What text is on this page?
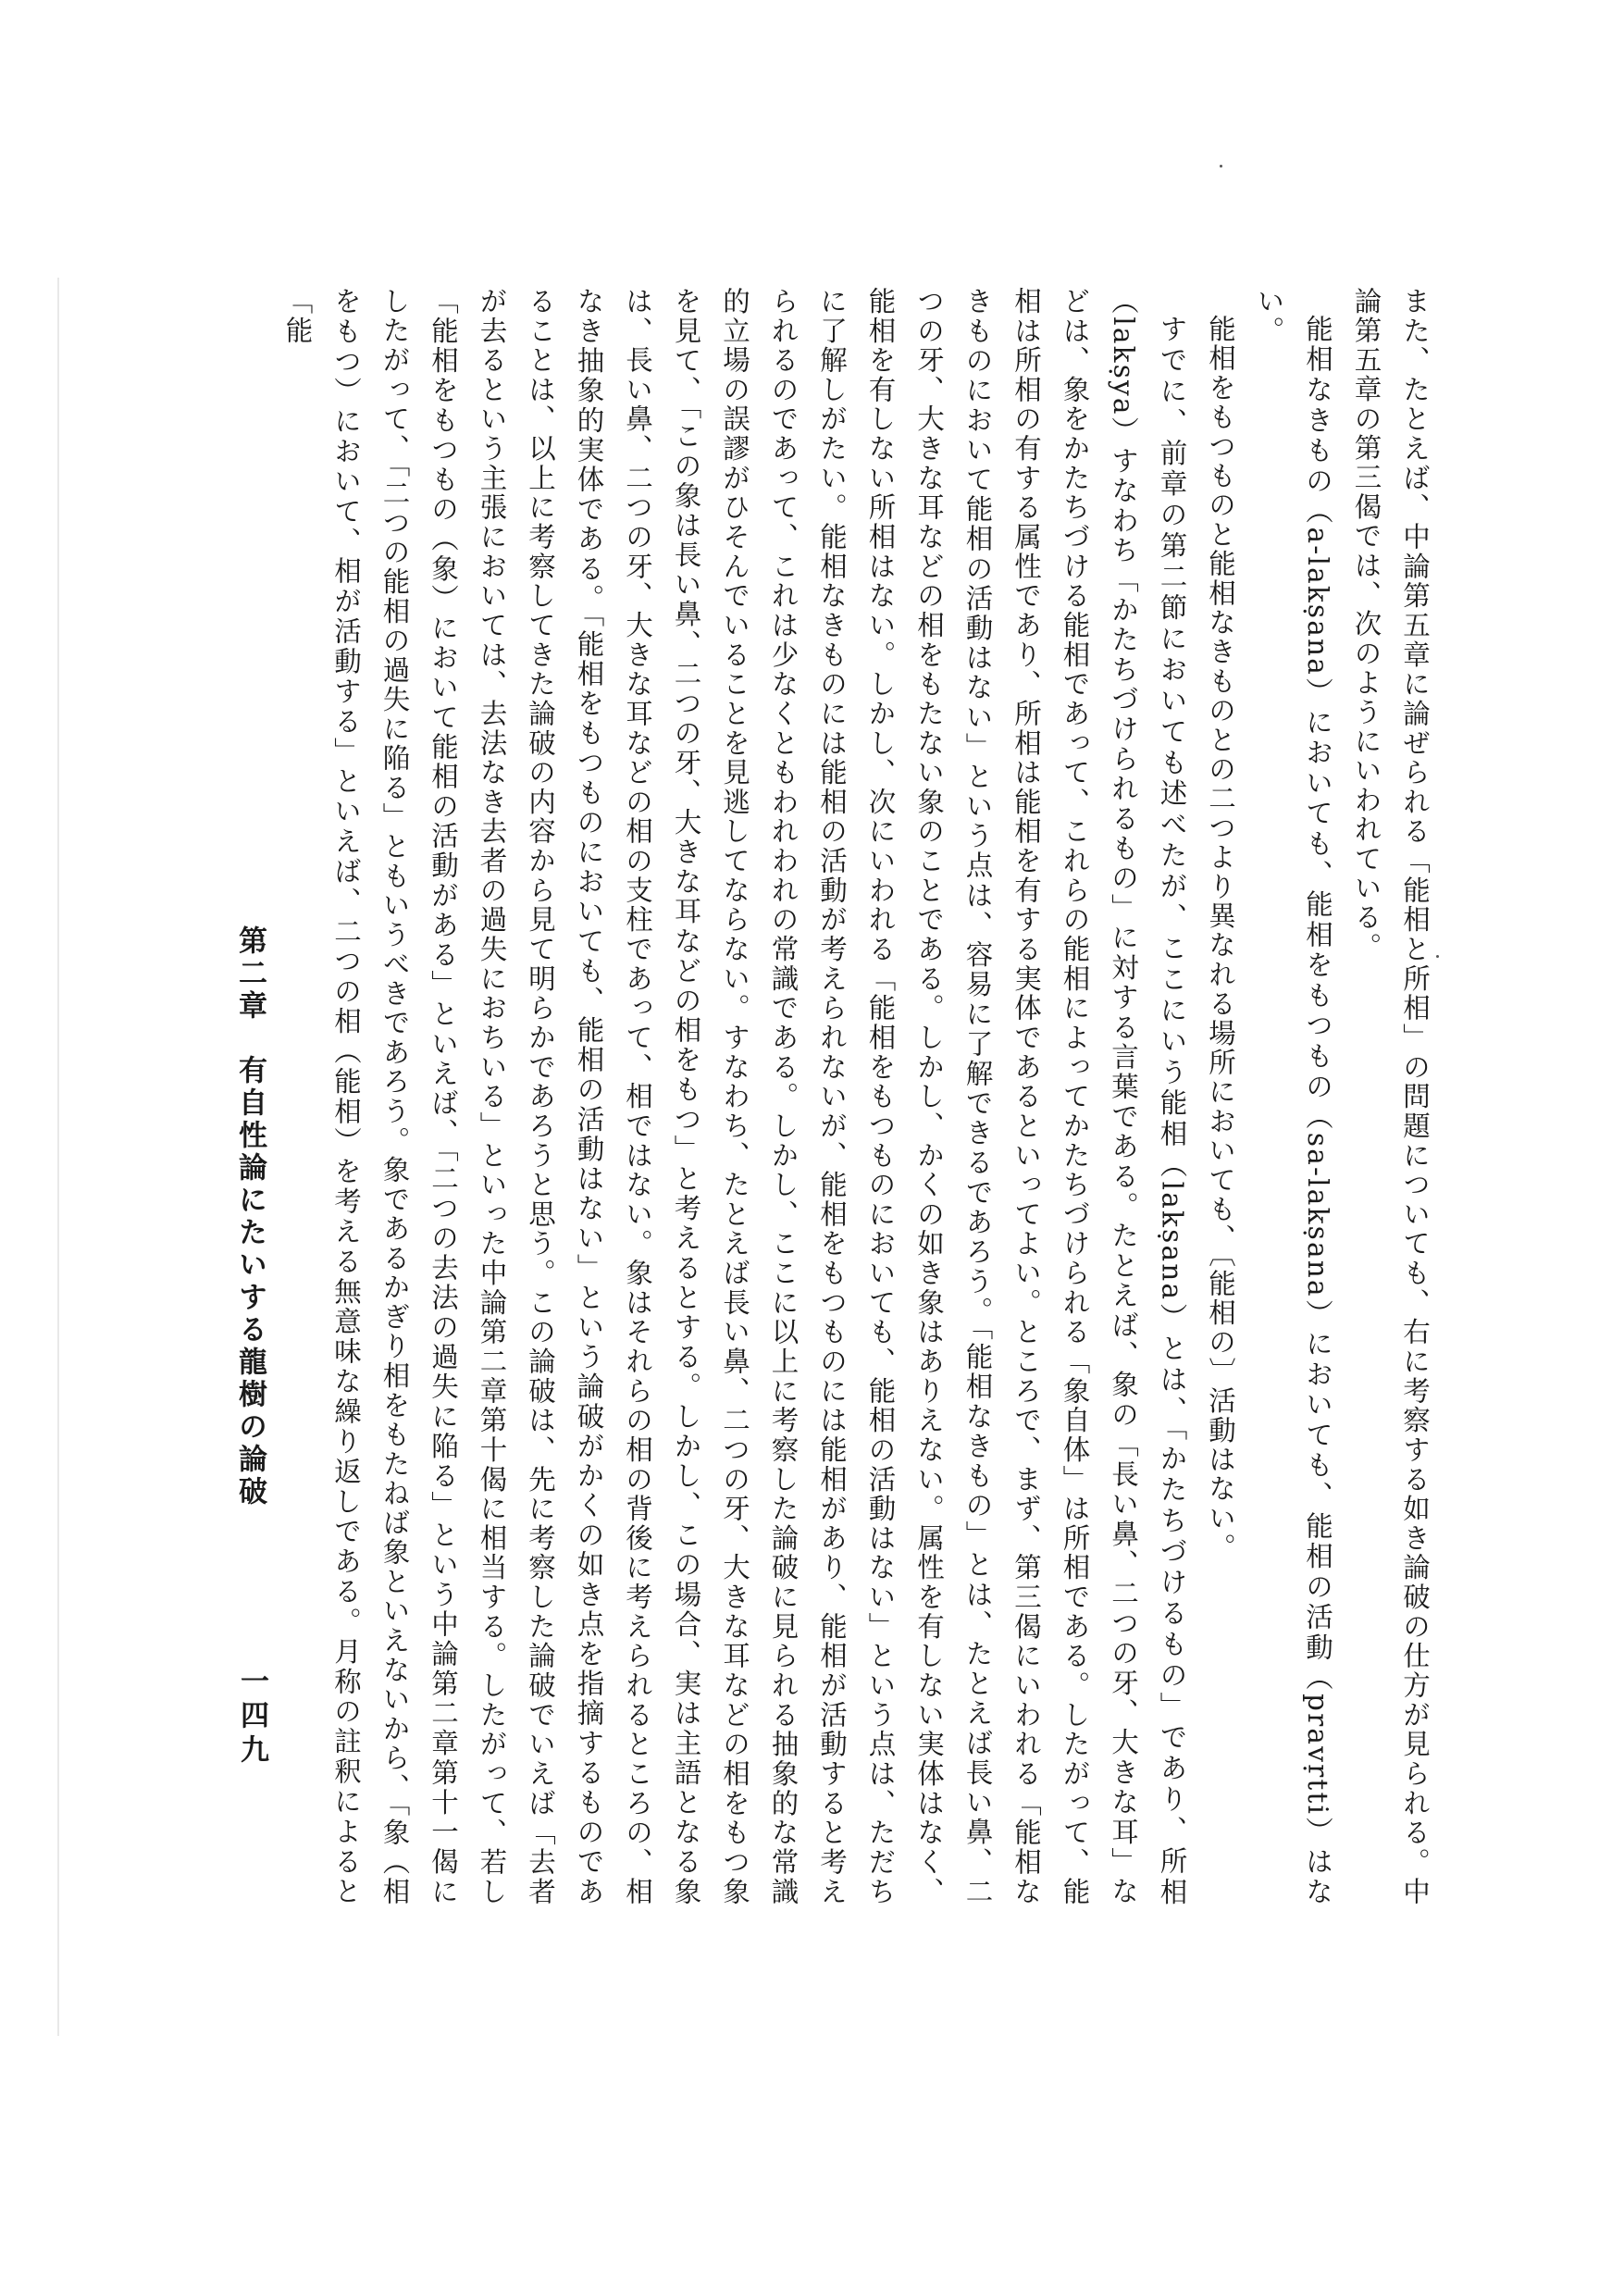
また、たとえば、中論第五章に論ぜられる「能相と所相」の問題についても、右に考察する如き論破の仕方が見られる。中論第五章の第三偈では、次のようにいわれている。

能相なきもの（a-lakṣana）においても、能相をもつもの（sa-lakṣana）においても、能相の活動（pravṛtti）はない。

能相をもつものと能相なきものとの二つより異なれる場所においても、〔能相の〕活動はない。

すでに、前章の第二節においても述べたが、ここにいう能相（lakṣana）とは、「かたちづけるもの」であり、所相（lakṣya）すなわち「かたちづけられるもの」に対する言葉である。たとえば、象の「長い鼻、二つの牙、大きな耳」などは、象をかたちづける能相であって、これらの能相によってかたちづけられる「象自体」は所相である。したがって、能相は所相の有する属性であり、所相は能相を有する実体であるといってよい。ところで、まず、第三偈にいわれる「能相なきものにおいて能相の活動はない」という点は、容易に了解できるであろう。「能相なきもの」とは、たとえば長い鼻、二つの牙、大きな耳などの相をもたない象のことである。しかし、かくの如き象はありえない。属性を有しない実体はなく、能相を有しない所相はない。しかし、次にいわれる「能相をもつものにおいても、能相の活動はない」という点は、ただちに了解しがたい。能相なきものには能相の活動が考えられないが、能相をもつものには能相があり、能相が活動すると考えられるのであって、これは少なくともわれわれの常識である。しかし、ここに以上に考察した論破に見られる抽象的な常識的立場の誤謬がひそんでいることを見逃してならない。すなわち、たとえば長い鼻、二つの牙、大きな耳などの相をもつ象を見て、「この象は長い鼻、二つの牙、大きな耳などの相をもつ」と考えるとする。しかし、この場合、実は主語となる象は、長い鼻、二つの牙、大きな耳などの相の支柱であって、相ではない。象はそれらの相の背後に考えられるところの、相なき抽象的実体である。「能相をもつものにおいても、能相の活動はない」という論破がかくの如き点を指摘するものであることは、以上に考察してきた論破の内容から見て明らかであろうと思う。この論破は、先に考察した論破でいえば「去者が去るという主張においては、去法なき去者の過失におちいる」といった中論第二章第十偈に相当する。したがって、若し「能相をもつもの（象）において能相の活動がある」といえば、「二つの去法の過失に陥る」という中論第二章第十一偈にしたがって、「二つの能相の過失に陥る」ともいうべきであろう。象であるかぎり相をもたねば象といえないから、「象（相をもつ）において、相が活動する」といえば、二つの相（能相）を考える無意味な繰り返しである。月称の註釈によると「能

第二章　有自性論にたいする龍樹の論破
一四九
